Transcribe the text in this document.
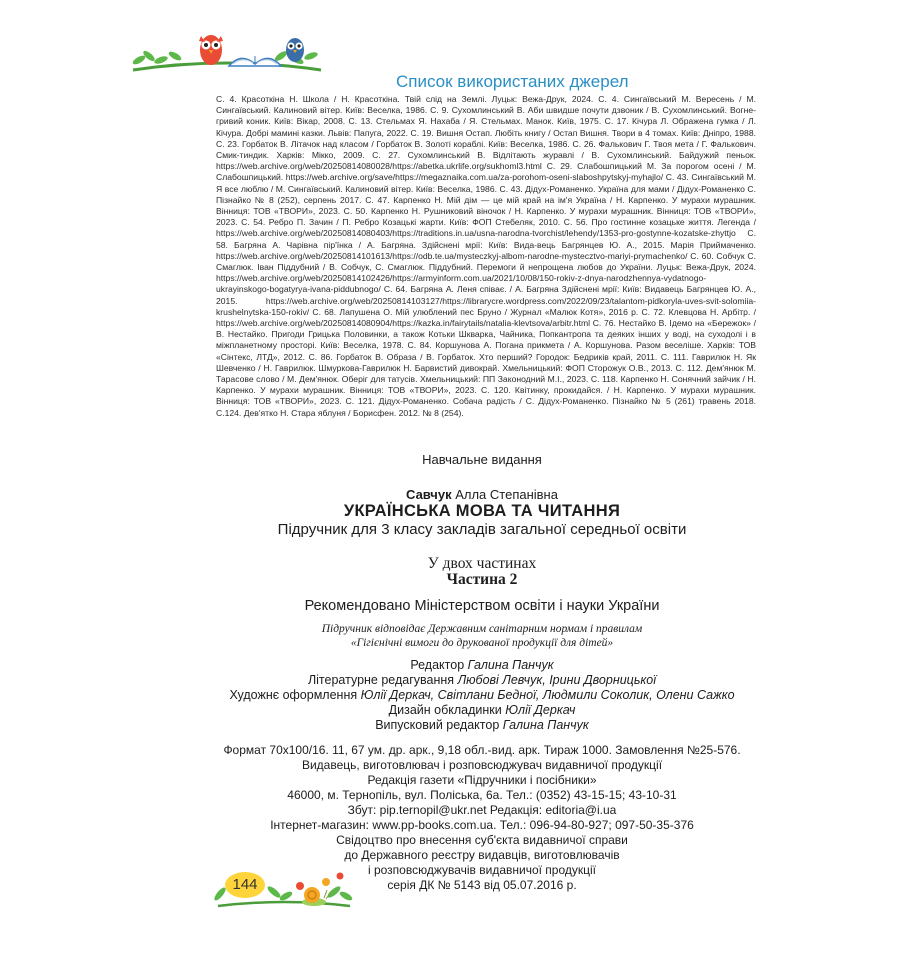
Список використаних джерел
С. 4. Красоткіна Н. Школа / Н. Красоткіна. Твій слід на Землі. Луцьк: Вежа-Друк, 2024. С. 4. Сингаївський М. Вересень / М. Сингаївський. Калиновий вітер. Київ: Веселка, 1986. С. 9. Сухомлинський В. Аби швидше почути дзвоник / В. Сухомлинський. Вогне-гривий коник. Київ: Вікар, 2008. С. 13. Стельмах Я. Нахаба / Я. Стельмах. Манок. Київ, 1975. С. 17. Кічура Л. Ображена гумка / Л. Кічура. Добрі мамині казки. Львів: Папуга, 2022. С. 19. Вишня Остап. Любіть книгу / Остап Вишня. Твори в 4 томах. Київ: Дніпро, 1988. С. 23. Горбаток В. Літачок над класом / Горбаток В. Золоті кораблі. Київ: Веселка, 1986. С. 26. Фалькович Г. Твоя мета / Г. Фалькович. Смик-тиндик. Харків: Мікко, 2009. С. 27. Сухомлинський В. Відлітають журавлі / В. Сухомлинський. Байдужий пеньок. https://web.archive.org/web/20250814080028/https://abetka.ukrlife.org/sukhoml3.html С. 29. Слабошпицький М. За порогом осені / М. Слабошпицький. https://web.archive.org/save/https://megaznaika.com.ua/za-porohom-oseni-slaboshpytskyj-myhajlo/ С. 43. Сингаївський М. Я все люблю / М. Сингаївський. Калиновий вітер. Київ: Веселка, 1986. С. 43. Дідух-Романенко. Україна для мами / Дідух-Романенко С. Пізнайко № 8 (252), серпень 2017. С. 47. Карпенко Н. Мій дім — це мій край на ім'я Україна / Н. Карпенко. У мурахи мурашник. Вінниця: ТОВ «ТВОРИ», 2023. С. 50. Карпенко Н. Рушниковий віночок / Н. Карпенко. У мурахи мурашник. Вінниця: ТОВ «ТВОРИ», 2023. С. 54. Ребро П. Зачин / П. Ребро Козацькі жарти. Київ: ФОП Стебеляк, 2010. С. 56. Про гостинне козацьке життя. Легенда / https://web.archive.org/web/20250814080403/https://traditions.in.ua/usna-narodna-tvorchist/lehendy/1353-pro-gostynne-kozatske-zhyttjo С. 58. Багряна А. Чарівна пір'їнка / А. Багряна. Здійснені мрії: Київ: Вида-вець Багрянцев Ю. А., 2015. Марія Приймаченко. https://web.archive.org/web/20250814101613/https://odb.te.ua/mysteczkyj-albom-narodne-mystecztvo-mariyi-prymachenko/ С. 60. Собчук С. Смаглюк. Іван Піддубний / В. Собчук, С. Смаглюк. Піддубний. Перемоги й непрощена любов до України. Луцьк: Вежа-Друк, 2024. https://web.archive.org/web/20250814102426/https://armyinform.com.ua/2021/10/08/150-rokiv-z-dnya-narodzhennya-vydatnogo-ukrayinskogo-bogatyrya-ivana-piddubnogo/ С. 64. Багряна А. Леня співає. / А. Багряна Здійснені мрії: Київ: Видавець Багрянцев Ю. А., 2015. https://web.archive.org/web/20250814103127/https://librarycre.wordpress.com/2022/09/23/talantom-pidkoryla-uves-svit-solomiia-krushelnytska-150-rokiv/ С. 68. Лапушена О. Мій улюблений пес Бруно / Журнал «Малюк Котя», 2016 р. С. 72. Клевцова Н. Арбітр. / https://web.archive.org/web/20250814080904/https://kazka.in/fairytails/natalia-klevtsova/arbitr.html С. 76. Нестайко В. Ідемо на «Бережок» / В. Нестайко. Пригоди Грицька Половинки, а також Котьки Шкварка, Чайника, Попкантропа та деяких інших у воді, на суходолі і в міжпланетному просторі. Київ: Веселка, 1978. С. 84. Коршунова А. Погана прикмета / А. Коршунова. Разом веселіше. Харків: ТОВ «Сінтекс, ЛТД», 2012. С. 86. Горбаток В. Образа / В. Горбаток. Хто перший? Городок: Бедриків край, 2011. С. 111. Гаврилюк Н. Як Шевченко / Н. Гаврилюк. Шмуркова-Гаврилюк Н. Барвистий дивокрай. Хмельницький: ФОП Сторожук О.В., 2013. С. 112. Дем'янюк М. Тарасове слово / М. Дем'янюк. Оберіг для татусів. Хмельницький: ПП Законодний М.І., 2023. С. 118. Карпенко Н. Сонячний зайчик / Н. Карпенко. У мурахи мурашник. Вінниця: ТОВ «ТВОРИ», 2023. С. 120. Квітинку, прокидайся. / Н. Карпенко. У мурахи мурашник. Вінниця: ТОВ «ТВОРИ», 2023. С. 121. Дідух-Романенко. Собача радість / С. Дідух-Романенко. Пізнайко № 5 (261) травень 2018. С.124. Дев'ятко Н. Стара яблуня / Борисфен. 2012. № 8 (254).

Навчальне видання

Савчук Алла Степанівна

УКРАЇНСЬКА МОВА ТА ЧИТАННЯ

Підручник для 3 класу закладів загальної середньої освіти

У двох частинах

Частина 2

Рекомендовано Міністерством освіти і науки України

Підручник відповідає Державним санітарним нормам і правилам
«Гігієнічні вимоги до друкованої продукції для дітей»

Редактор Галина Панчук

Літературне редагування Любові Левчук, Ірини Дворницької

Художнє оформлення Юлії Деркач, Світлани Бедної, Людмили Соколик, Олени Сажко

Дизайн обкладинки Юлії Деркач

Випусковий редактор Галина Панчук

Формат 70х100/16. 11, 67 ум. др. арк., 9,18 обл.-вид. арк. Тираж 1000. Замовлення №25-576.

Видавець, виготовлювач і розповсюджувач видавничої продукції

Редакція газети «Підручники і посібники»

46000, м. Тернопіль, вул. Поліська, 6а. Тел.: (0352) 43-15-15; 43-10-31

Збут: pip.ternopil@ukr.net Редакція: editoria@i.ua

Інтернет-магазин: www.pp-books.com.ua. Тел.: 096-94-80-927; 097-50-35-376

Свідоцтво про внесення суб'єкта видавничої справи

до Державного реєстру видавців, виготовлювачів

і розповсюджувачів видавничої продукції

серія ДК № 5143 від 05.07.2016 р.

144
